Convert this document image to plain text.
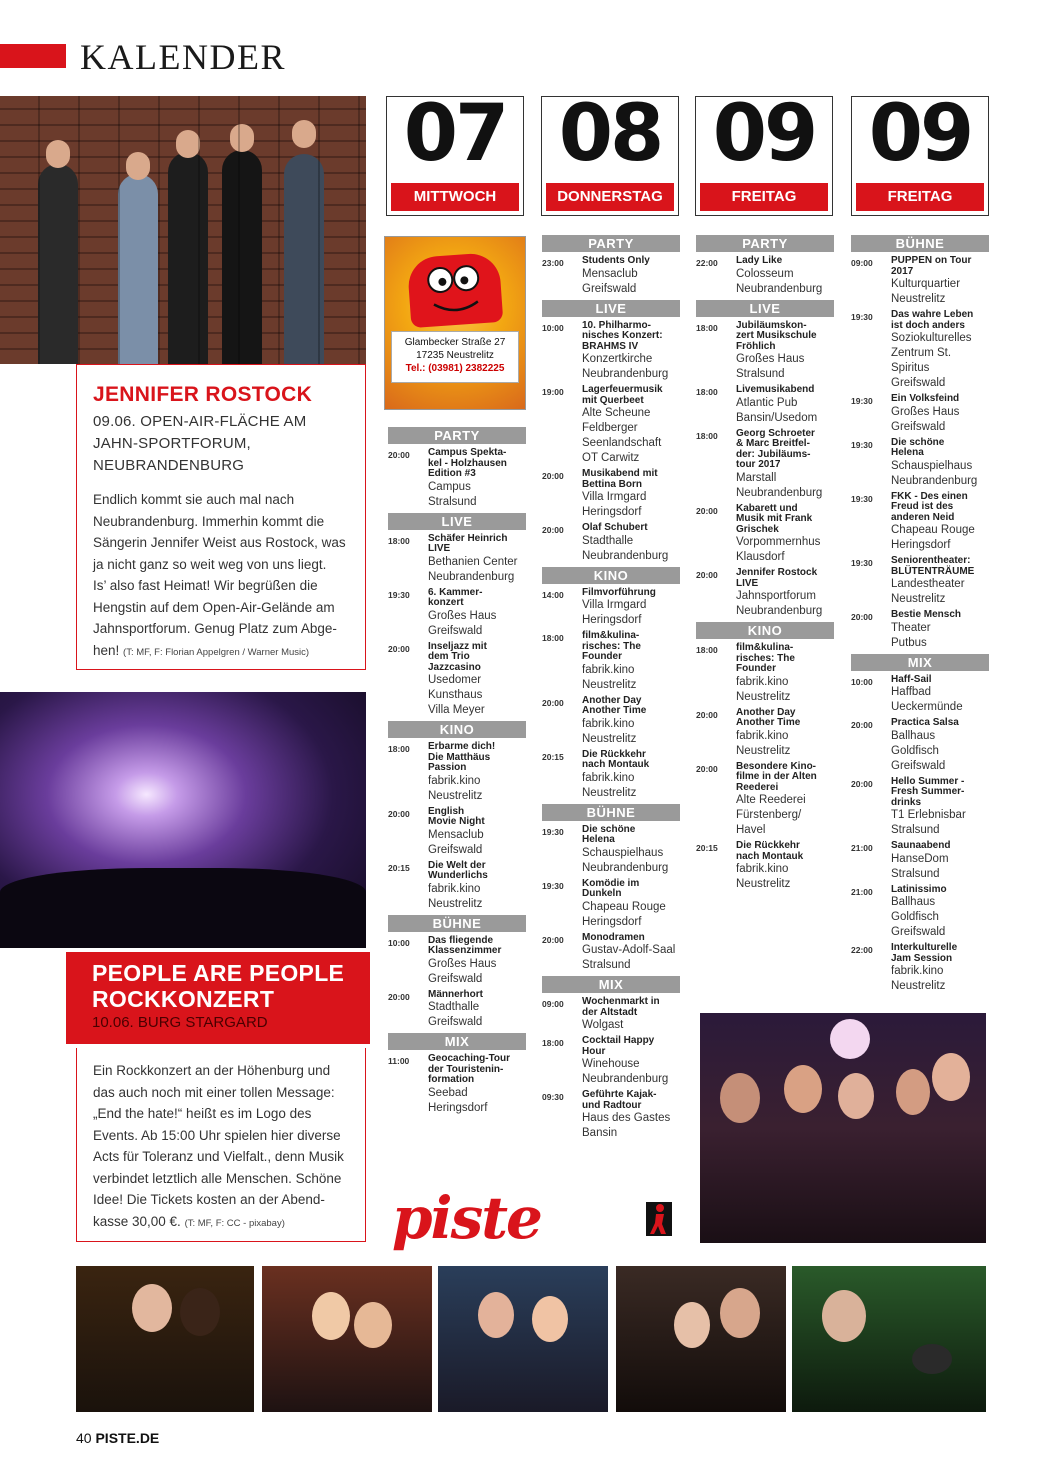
KALENDER
JENNIFER ROSTOCK
09.06. OPEN-AIR-FLÄCHE AM
JAHN-SPORTFORUM,
NEUBRANDENBURG
Endlich kommt sie auch mal nach
Neubrandenburg. Immerhin kommt die
Sängerin Jennifer Weist aus Rostock, was
ja nicht ganz so weit weg von uns liegt.
Is’ also fast Heimat! Wir begrüßen die
Hengstin auf dem Open-Air-Gelände am
Jahnsportforum. Genug Platz zum Abge-
hen! (T: MF, F: Florian Appelgren / Warner Music)
PEOPLE ARE PEOPLE
ROCKKONZERT
10.06. BURG STARGARD
Ein Rockkonzert an der Höhenburg und
das auch noch mit einer tollen Message:
„End the hate!“ heißt es im Logo des
Events. Ab 15:00 Uhr spielen hier diverse
Acts für Toleranz und Vielfalt., denn Musik
verbindet letztlich alle Menschen. Schöne
Idee! Die Tickets kosten an der Abend-
kasse 30,00 €. (T: MF, F: CC - pixabay)
07
MITTWOCH
08
DONNERSTAG
09
FREITAG
09
FREITAG
Glambecker Straße 27
17235 Neustrelitz
Tel.: (03981) 2382225
PARTY
20:00	Campus Spekta-
kel - Holzhausen
Edition #3
Campus
Stralsund
LIVE
18:00	Schäfer Heinrich
LIVE
Bethanien Center
Neubrandenburg
19:30	6. Kammer-
konzert
Großes Haus
Greifswald
20:00	Inseljazz mit
dem Trio
Jazzcasino
Usedomer
Kunsthaus
Villa Meyer
KINO
18:00	Erbarme dich!
Die Matthäus
Passion
fabrik.kino
Neustrelitz
20:00	English
Movie Night
Mensaclub
Greifswald
20:15	Die Welt der
Wunderlichs
fabrik.kino
Neustrelitz
BÜHNE
10:00	Das fliegende
Klassenzimmer
Großes Haus
Greifswald
20:00	Männerhort
Stadthalle
Greifswald
MIX
11:00	Geocaching-Tour
der Touristenin-
formation
Seebad
Heringsdorf
PARTY
23:00	Students Only
Mensaclub
Greifswald
LIVE
10:00	10. Philharmo-
nisches Konzert:
BRAHMS IV
Konzertkirche
Neubrandenburg
19:00	Lagerfeuermusik
mit Querbeet
Alte Scheune
Feldberger
Seenlandschaft
OT Carwitz
20:00	Musikabend mit
Bettina Born
Villa Irmgard
Heringsdorf
20:00	Olaf Schubert
Stadthalle
Neubrandenburg
KINO
14:00	Filmvorführung
Villa Irmgard
Heringsdorf
18:00	film&kulina-
risches: The
Founder
fabrik.kino
Neustrelitz
20:00	Another Day
Another Time
fabrik.kino
Neustrelitz
20:15	Die Rückkehr
nach Montauk
fabrik.kino
Neustrelitz
BÜHNE
19:30	Die schöne
Helena
Schauspielhaus
Neubrandenburg
19:30	Komödie im
Dunkeln
Chapeau Rouge
Heringsdorf
20:00	Monodramen
Gustav-Adolf-Saal
Stralsund
MIX
09:00	Wochenmarkt in
der Altstadt
Wolgast
18:00	Cocktail Happy
Hour
Winehouse
Neubrandenburg
09:30	Geführte Kajak-
und Radtour
Haus des Gastes
Bansin
PARTY
22:00	Lady Like
Colosseum
Neubrandenburg
LIVE
18:00	Jubiläumskon-
zert Musikschule
Fröhlich
Großes Haus
Stralsund
18:00	Livemusikabend
Atlantic Pub
Bansin/Usedom
18:00	Georg Schroeter
& Marc Breitfel-
der: Jubiläums-
tour 2017
Marstall
Neubrandenburg
20:00	Kabarett und
Musik mit Frank
Grischek
Vorpommernhus
Klausdorf
20:00	Jennifer Rostock
LIVE
Jahnsportforum
Neubrandenburg
KINO
18:00	film&kulina-
risches: The
Founder
fabrik.kino
Neustrelitz
20:00	Another Day
Another Time
fabrik.kino
Neustrelitz
20:00	Besondere Kino-
filme in der Alten
Reederei
Alte Reederei
Fürstenberg/
Havel
20:15	Die Rückkehr
nach Montauk
fabrik.kino
Neustrelitz
BÜHNE
09:00	PUPPEN on Tour
2017
Kulturquartier
Neustrelitz
19:30	Das wahre Leben
ist doch anders
Soziokulturelles
Zentrum St.
Spiritus
Greifswald
19:30	Ein Volksfeind
Großes Haus
Greifswald
19:30	Die schöne
Helena
Schauspielhaus
Neubrandenburg
19:30	FKK - Des einen
Freud ist des
anderen Neid
Chapeau Rouge
Heringsdorf
19:30	Seniorentheater:
BLÜTENTRÄUME
Landestheater
Neustrelitz
20:00	Bestie Mensch
Theater
Putbus
MIX
10:00	Haff-Sail
Haffbad
Ueckermünde
20:00	Practica Salsa
Ballhaus
Goldfisch
Greifswald
20:00	Hello Summer -
Fresh Summer-
drinks
T1 Erlebnisbar
Stralsund
21:00	Saunaabend
HanseDom
Stralsund
21:00	Latinissimo
Ballhaus
Goldfisch
Greifswald
22:00	Interkulturelle
Jam Session
fabrik.kino
Neustrelitz
piste
40 PISTE.DE
